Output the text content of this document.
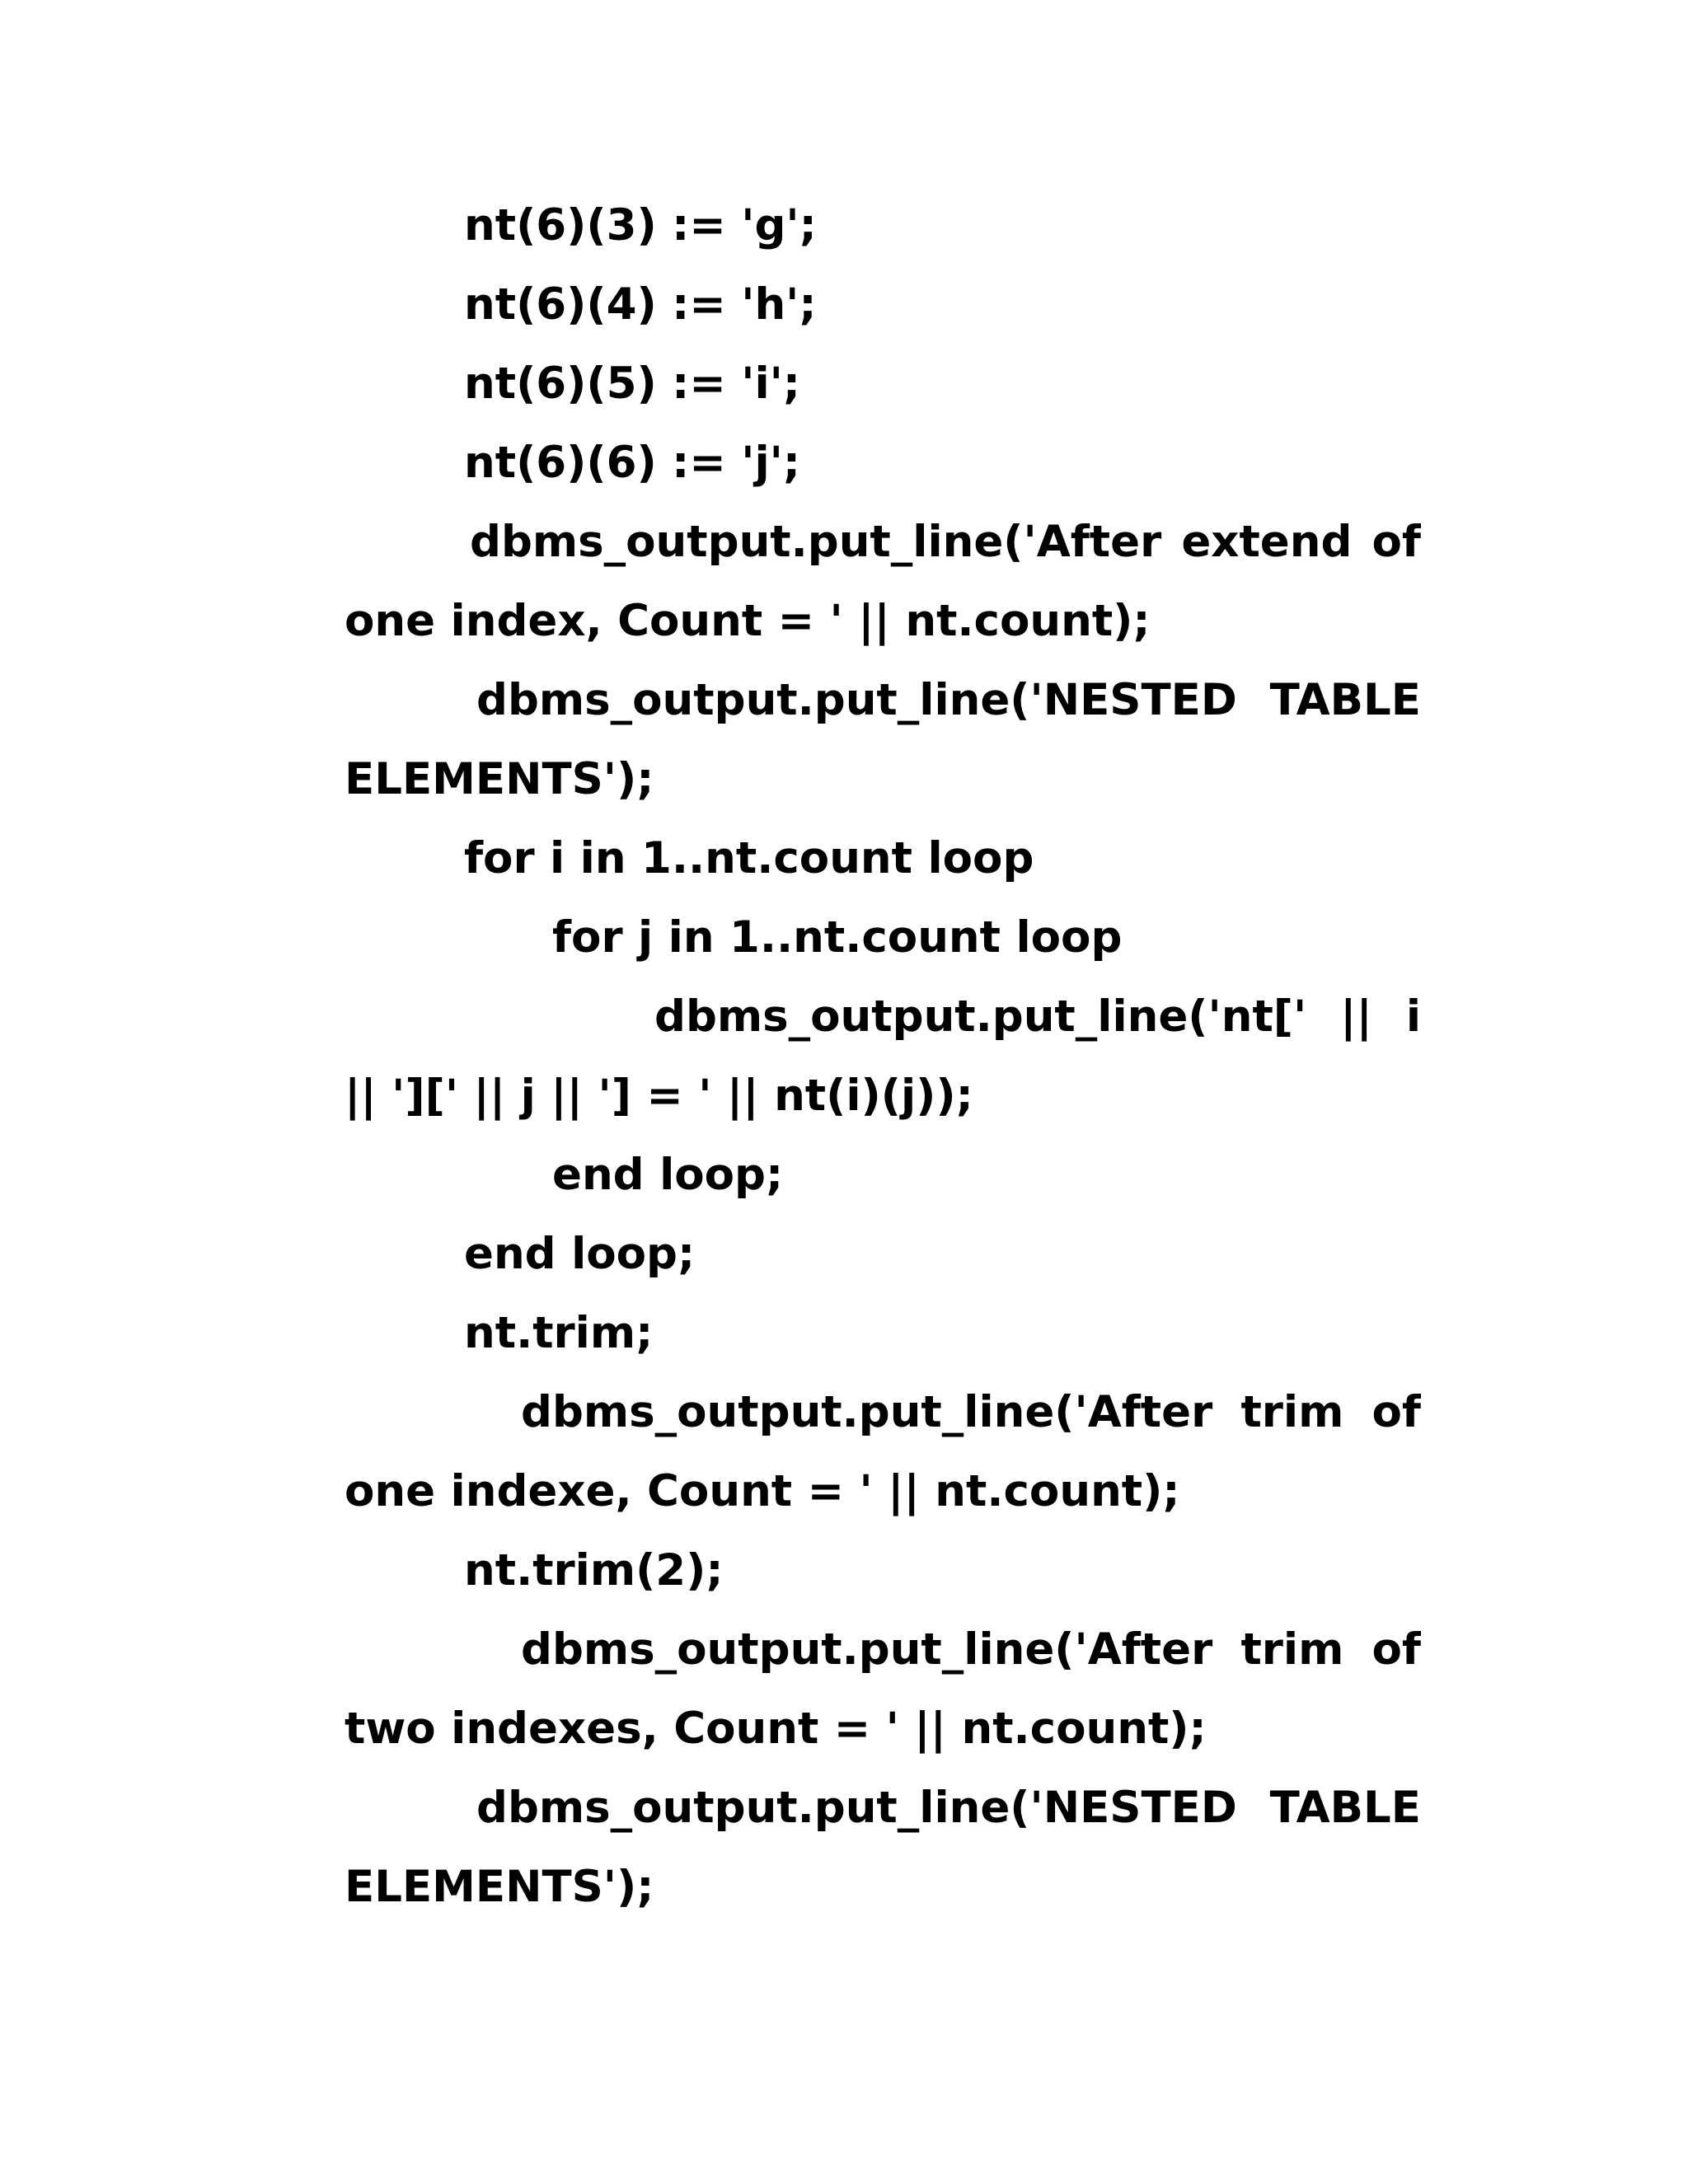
nt(6)(3) := 'g';
nt(6)(4) := 'h';
nt(6)(5) := 'i';
nt(6)(6) := 'j';
dbms_output.put_line('After extend of
one index, Count = ' || nt.count);
dbms_output.put_line('NESTED TABLE
ELEMENTS');
for i in 1..nt.count loop
for j in 1..nt.count loop
dbms_output.put_line('nt[' || i
|| '][' || j || '] = ' || nt(i)(j));
end loop;
end loop;
nt.trim;
dbms_output.put_line('After trim of
one indexe, Count = ' || nt.count);
nt.trim(2);
dbms_output.put_line('After trim of
two indexes, Count = ' || nt.count);
dbms_output.put_line('NESTED TABLE
ELEMENTS');
